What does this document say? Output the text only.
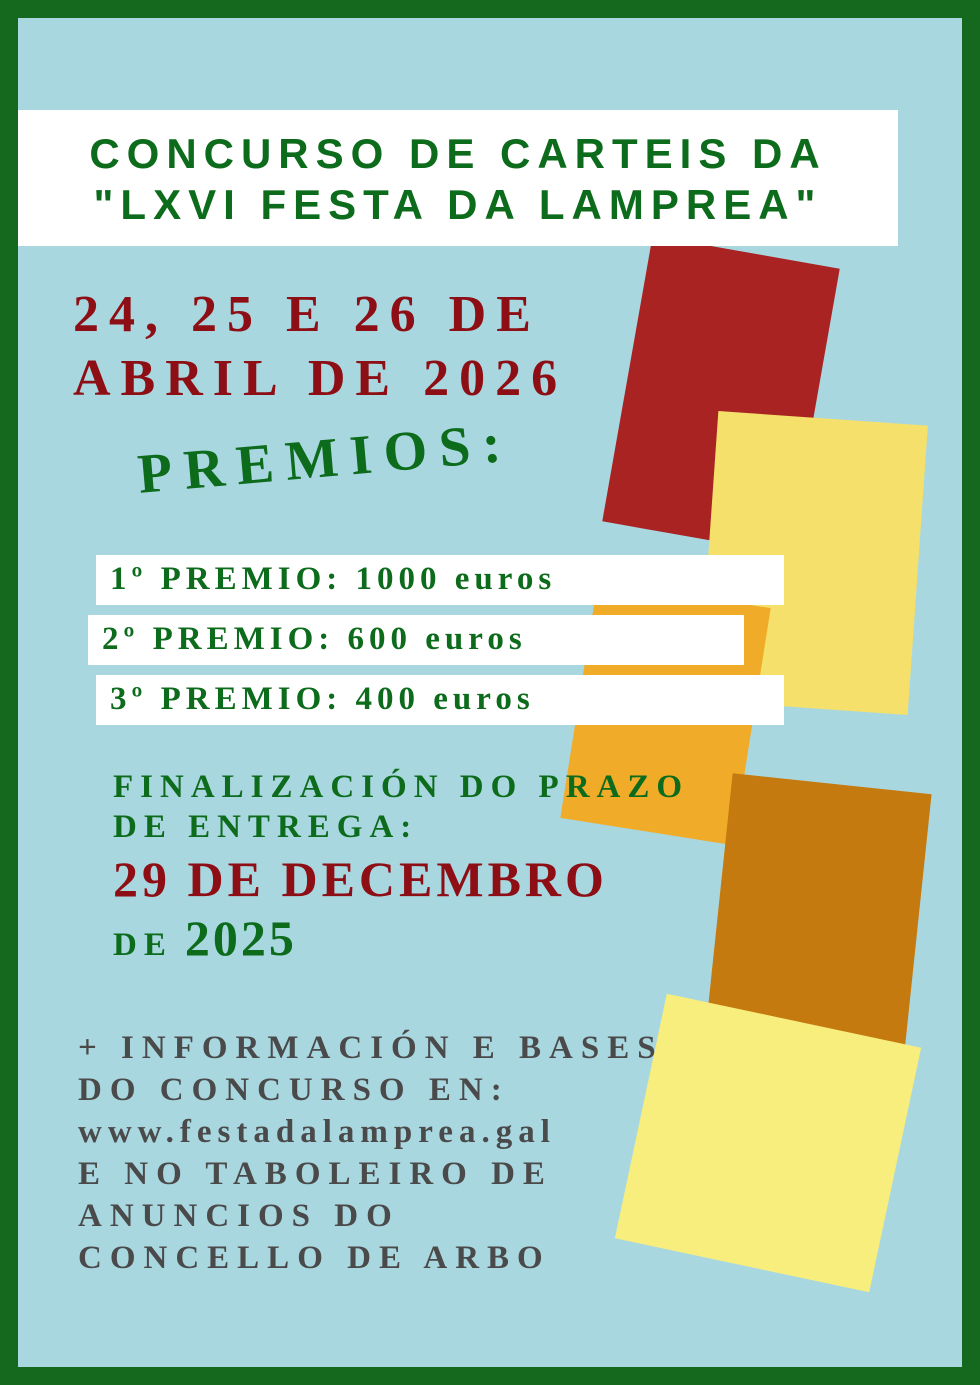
CONCURSO DE CARTEIS DA
"LXVI FESTA DA LAMPREA"
24, 25 E 26 DE
ABRIL DE 2026
PREMIOS:
1º PREMIO: 1000 euros
2º PREMIO: 600 euros
3º PREMIO: 400 euros
FINALIZACIÓN DO PRAZO
DE ENTREGA:
29 DE DECEMBRO
DE 2025
+ INFORMACIÓN E BASES
DO CONCURSO EN:
www.festadalamprea.gal
E NO TABOLEIRO DE
ANUNCIOS DO
CONCELLO DE ARBO
